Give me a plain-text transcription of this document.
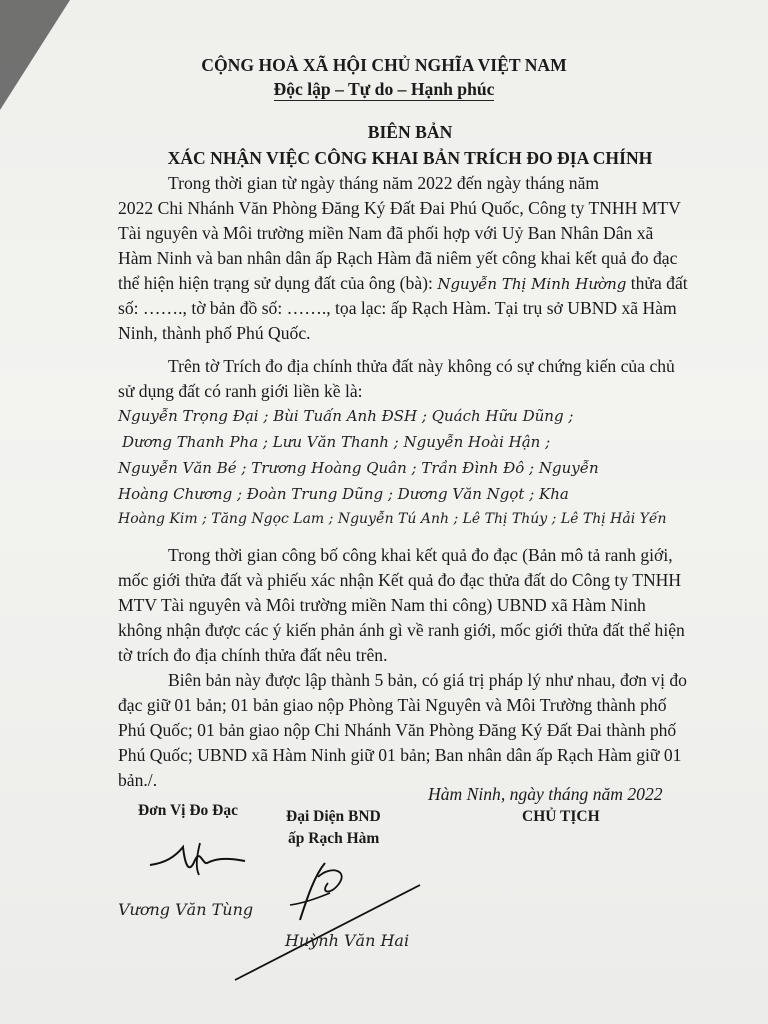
CỘNG HOÀ XÃ HỘI CHỦ NGHĨA VIỆT NAM
Độc lập – Tự do – Hạnh phúc
BIÊN BẢN
XÁC NHẬN VIỆC CÔNG KHAI BẢN TRÍCH ĐO ĐỊA CHÍNH
Trong thời gian từ ngày tháng năm 2022 đến ngày tháng năm
2022 Chi Nhánh Văn Phòng Đăng Ký Đất Đai Phú Quốc, Công ty TNHH MTV
Tài nguyên và Môi trường miền Nam đã phối hợp với Uỷ Ban Nhân Dân xã
Hàm Ninh và ban nhân dân ấp Rạch Hàm đã niêm yết công khai kết quả đo đạc
thể hiện hiện trạng sử dụng đất của ông (bà): Nguyễn Thị Minh Hường thửa đất
số: ……., tờ bản đồ số: ……., tọa lạc: ấp Rạch Hàm. Tại trụ sở UBND xã Hàm
Ninh, thành phố Phú Quốc.
Trên tờ Trích đo địa chính thửa đất này không có sự chứng kiến của chủ
sử dụng đất có ranh giới liền kề là:
Nguyễn Trọng Đại ; Bùi Tuấn Anh ĐSH ; Quách Hữu Dũng ;
Dương Thanh Pha ; Lưu Văn Thanh ; Nguyễn Hoài Hận ;
Nguyễn Văn Bé ; Trương Hoàng Quân ; Trần Đình Đô ; Nguyễn
Hoàng Chương ; Đoàn Trung Dũng ; Dương Văn Ngọt ; Kha
Hoàng Kim ; Tăng Ngọc Lam ; Nguyễn Tú Anh ; Lê Thị Thúy ; Lê Thị Hải Yến
Trong thời gian công bố công khai kết quả đo đạc (Bản mô tả ranh giới,
mốc giới thửa đất và phiếu xác nhận Kết quả đo đạc thửa đất do Công ty TNHH
MTV Tài nguyên và Môi trường miền Nam thi công) UBND xã Hàm Ninh
không nhận được các ý kiến phản ánh gì về ranh giới, mốc giới thửa đất thể hiện
tờ trích đo địa chính thửa đất nêu trên.
Biên bản này được lập thành 5 bản, có giá trị pháp lý như nhau, đơn vị đo
đạc giữ 01 bản; 01 bản giao nộp Phòng Tài Nguyên và Môi Trường thành phố
Phú Quốc; 01 bản giao nộp Chi Nhánh Văn Phòng Đăng Ký Đất Đai thành phố
Phú Quốc; UBND xã Hàm Ninh giữ 01 bản; Ban nhân dân ấp Rạch Hàm giữ 01
bản./.
Hàm Ninh, ngày tháng năm 2022
Đơn Vị Đo Đạc	Đại Diện BND
ấp Rạch Hàm
CHỦ TỊCH
Vương Văn Tùng
Huỳnh Văn Hai
